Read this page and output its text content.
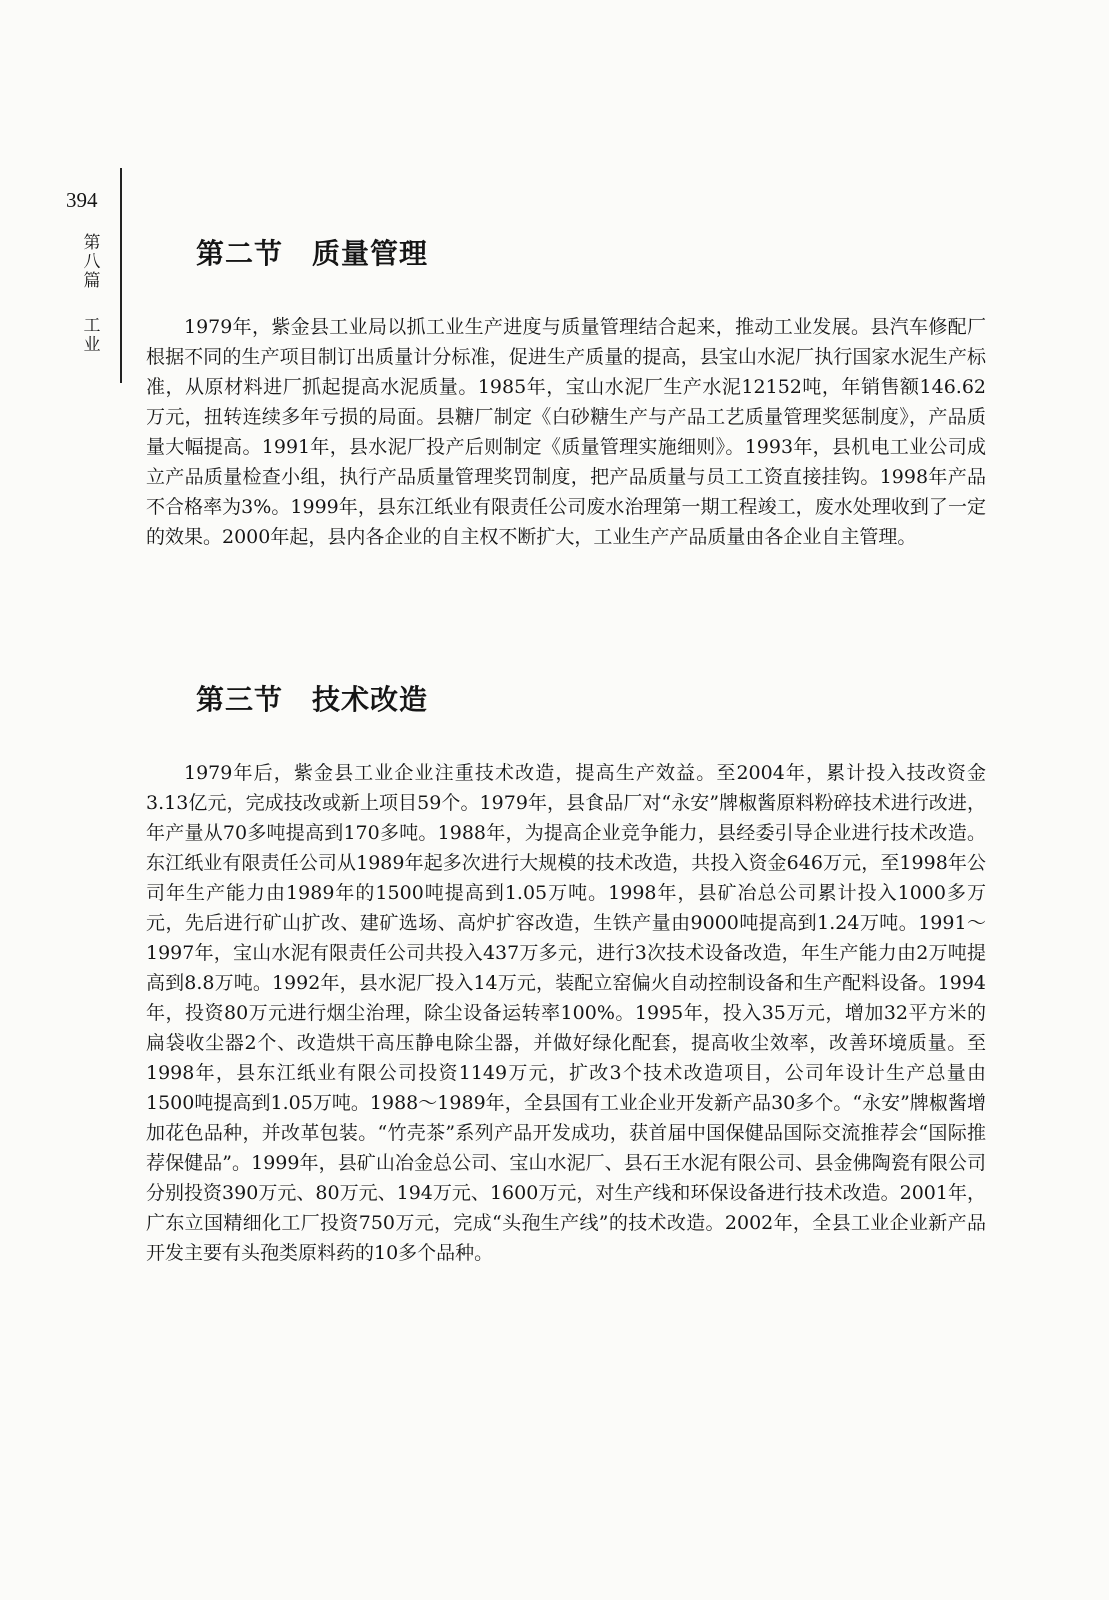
394
第八篇
工业
第二节　质量管理

1979年，紫金县工业局以抓工业生产进度与质量管理结合起来，推动工业发展。县汽车修配厂根据不同的生产项目制订出质量计分标准，促进生产质量的提高，县宝山水泥厂执行国家水泥生产标准，从原材料进厂抓起提高水泥质量。1985年，宝山水泥厂生产水泥12152吨，年销售额146.62万元，扭转连续多年亏损的局面。县糖厂制定《白砂糖生产与产品工艺质量管理奖惩制度》，产品质量大幅提高。1991年，县水泥厂投产后则制定《质量管理实施细则》。1993年，县机电工业公司成立产品质量检查小组，执行产品质量管理奖罚制度，把产品质量与员工工资直接挂钩。1998年产品不合格率为3%。1999年，县东江纸业有限责任公司废水治理第一期工程竣工，废水处理收到了一定的效果。2000年起，县内各企业的自主权不断扩大，工业生产产品质量由各企业自主管理。

第三节　技术改造

1979年后，紫金县工业企业注重技术改造，提高生产效益。至2004年，累计投入技改资金3.13亿元，完成技改或新上项目59个。1979年，县食品厂对“永安”牌椒酱原料粉碎技术进行改进，年产量从70多吨提高到170多吨。1988年，为提高企业竞争能力，县经委引导企业进行技术改造。东江纸业有限责任公司从1989年起多次进行大规模的技术改造，共投入资金646万元，至1998年公司年生产能力由1989年的1500吨提高到1.05万吨。1998年，县矿冶总公司累计投入1000多万元，先后进行矿山扩改、建矿选场、高炉扩容改造，生铁产量由9000吨提高到1.24万吨。1991～1997年，宝山水泥有限责任公司共投入437万多元，进行3次技术设备改造，年生产能力由2万吨提高到8.8万吨。1992年，县水泥厂投入14万元，装配立窑偏火自动控制设备和生产配料设备。1994年，投资80万元进行烟尘治理，除尘设备运转率100%。1995年，投入35万元，增加32平方米的扁袋收尘器2个、改造烘干高压静电除尘器，并做好绿化配套，提高收尘效率，改善环境质量。至1998年，县东江纸业有限公司投资1149万元，扩改3个技术改造项目，公司年设计生产总量由1500吨提高到1.05万吨。1988～1989年，全县国有工业企业开发新产品30多个。“永安”牌椒酱增加花色品种，并改革包装。“竹壳茶”系列产品开发成功，获首届中国保健品国际交流推荐会“国际推荐保健品”。1999年，县矿山冶金总公司、宝山水泥厂、县石王水泥有限公司、县金佛陶瓷有限公司分别投资390万元、80万元、194万元、1600万元，对生产线和环保设备进行技术改造。2001年，广东立国精细化工厂投资750万元，完成“头孢生产线”的技术改造。2002年，全县工业企业新产品开发主要有头孢类原料药的10多个品种。
